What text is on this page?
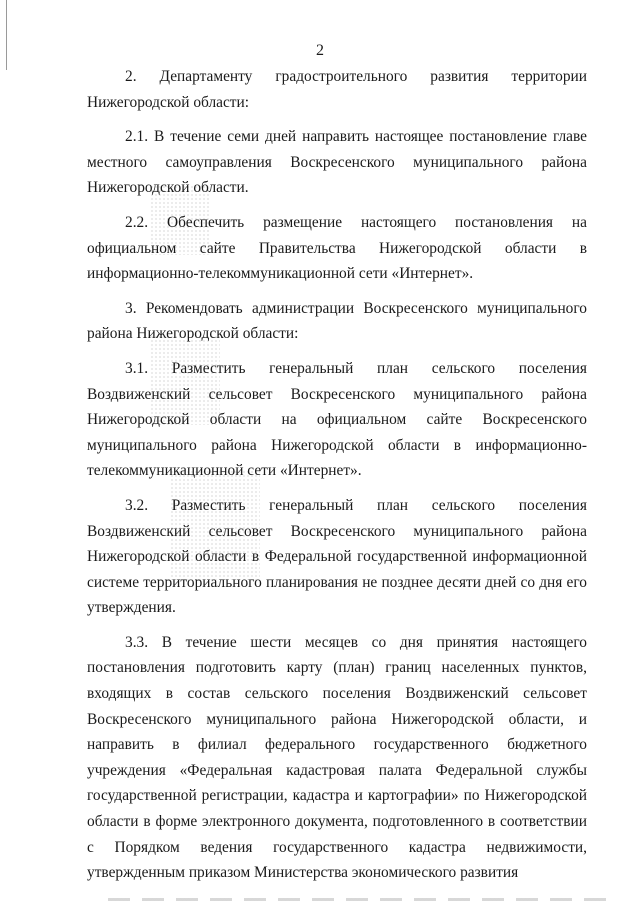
2

2. Департаменту градостроительного развития территории Нижегородской области:

2.1. В течение семи дней направить настоящее постановление главе местного самоуправления Воскресенского муниципального района Нижегородской области.

2.2. Обеспечить размещение настоящего постановления на официальном сайте Правительства Нижегородской области в информационно-телекоммуникационной сети «Интернет».

3. Рекомендовать администрации Воскресенского муниципального района Нижегородской области:

3.1. Разместить генеральный план сельского поселения Воздвиженский сельсовет Воскресенского муниципального района Нижегородской области на официальном сайте Воскресенского муниципального района Нижегородской области в информационно-телекоммуникационной сети «Интернет».

3.2. Разместить генеральный план сельского поселения Воздвиженский сельсовет Воскресенского муниципального района Нижегородской области в Федеральной государственной информационной системе территориального планирования не позднее десяти дней со дня его утверждения.

3.3. В течение шести месяцев со дня принятия настоящего постановления подготовить карту (план) границ населенных пунктов, входящих в состав сельского поселения Воздвиженский сельсовет Воскресенского муниципального района Нижегородской области, и направить в филиал федерального государственного бюджетного учреждения «Федеральная кадастровая палата Федеральной службы государственной регистрации, кадастра и картографии» по Нижегородской области в форме электронного документа, подготовленного в соответствии с Порядком ведения государственного кадастра недвижимости, утвержденным приказом Министерства экономического развития
